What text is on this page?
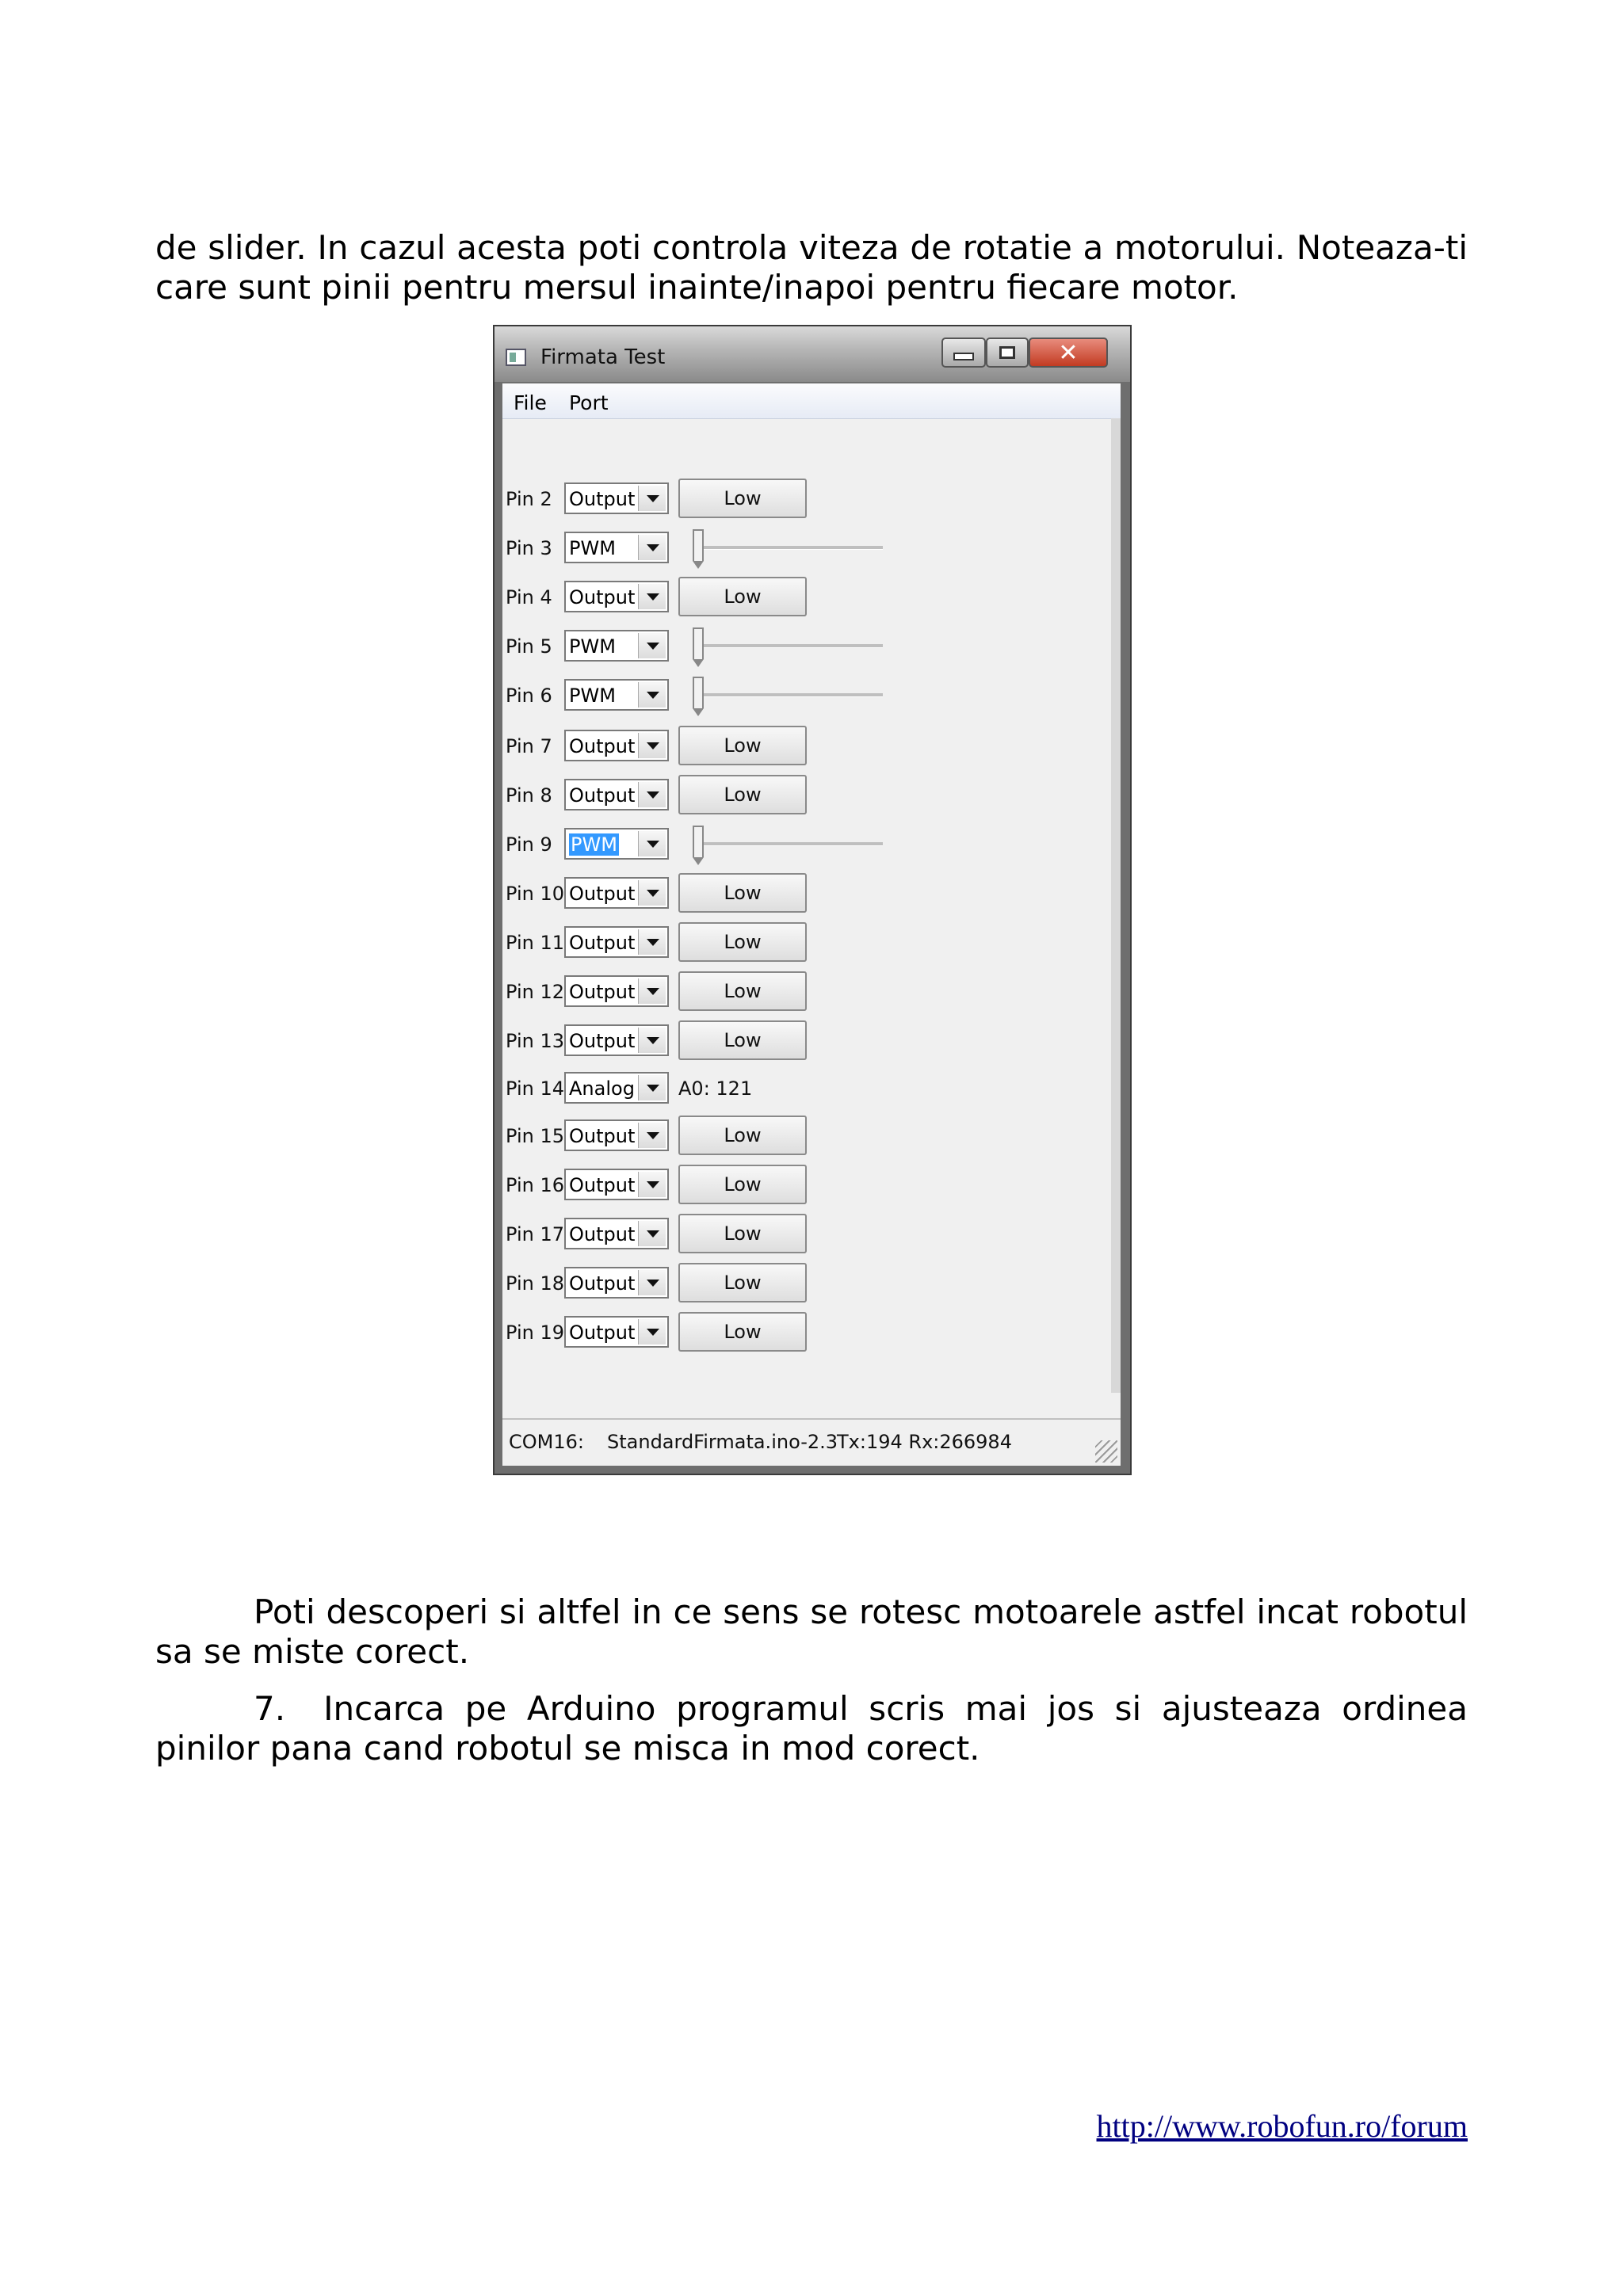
de slider. In cazul acesta poti controla viteza de rotatie a motorului. Noteaza-ti care sunt pinii pentru mersul inainte/inapoi pentru fiecare motor.

Firmata Test	✕
File Port
Pin 2 Output	Low
Pin 3 PWM
Pin 4 Output	Low
Pin 5 PWM
Pin 6 PWM
Pin 7 Output	Low
Pin 8 Output	Low
Pin 9 PWM
Pin 10 Output	Low
Pin 11 Output	Low
Pin 12 Output	Low
Pin 13 Output	Low
Pin 14 Analog A0: 121
Pin 15 Output	Low
Pin 16 Output	Low
Pin 17 Output	Low
Pin 18 Output	Low
Pin 19 Output	Low
COM16: StandardFirmata.ino-2.3
Tx:194 Rx:266984

Poti descoperi si altfel in ce sens se rotesc motoarele astfel incat robotul sa se miste corect.

7. Incarca pe Arduino programul scris mai jos si ajusteaza ordinea pinilor pana cand robotul se misca in mod corect.

http://www.robofun.ro/forum
